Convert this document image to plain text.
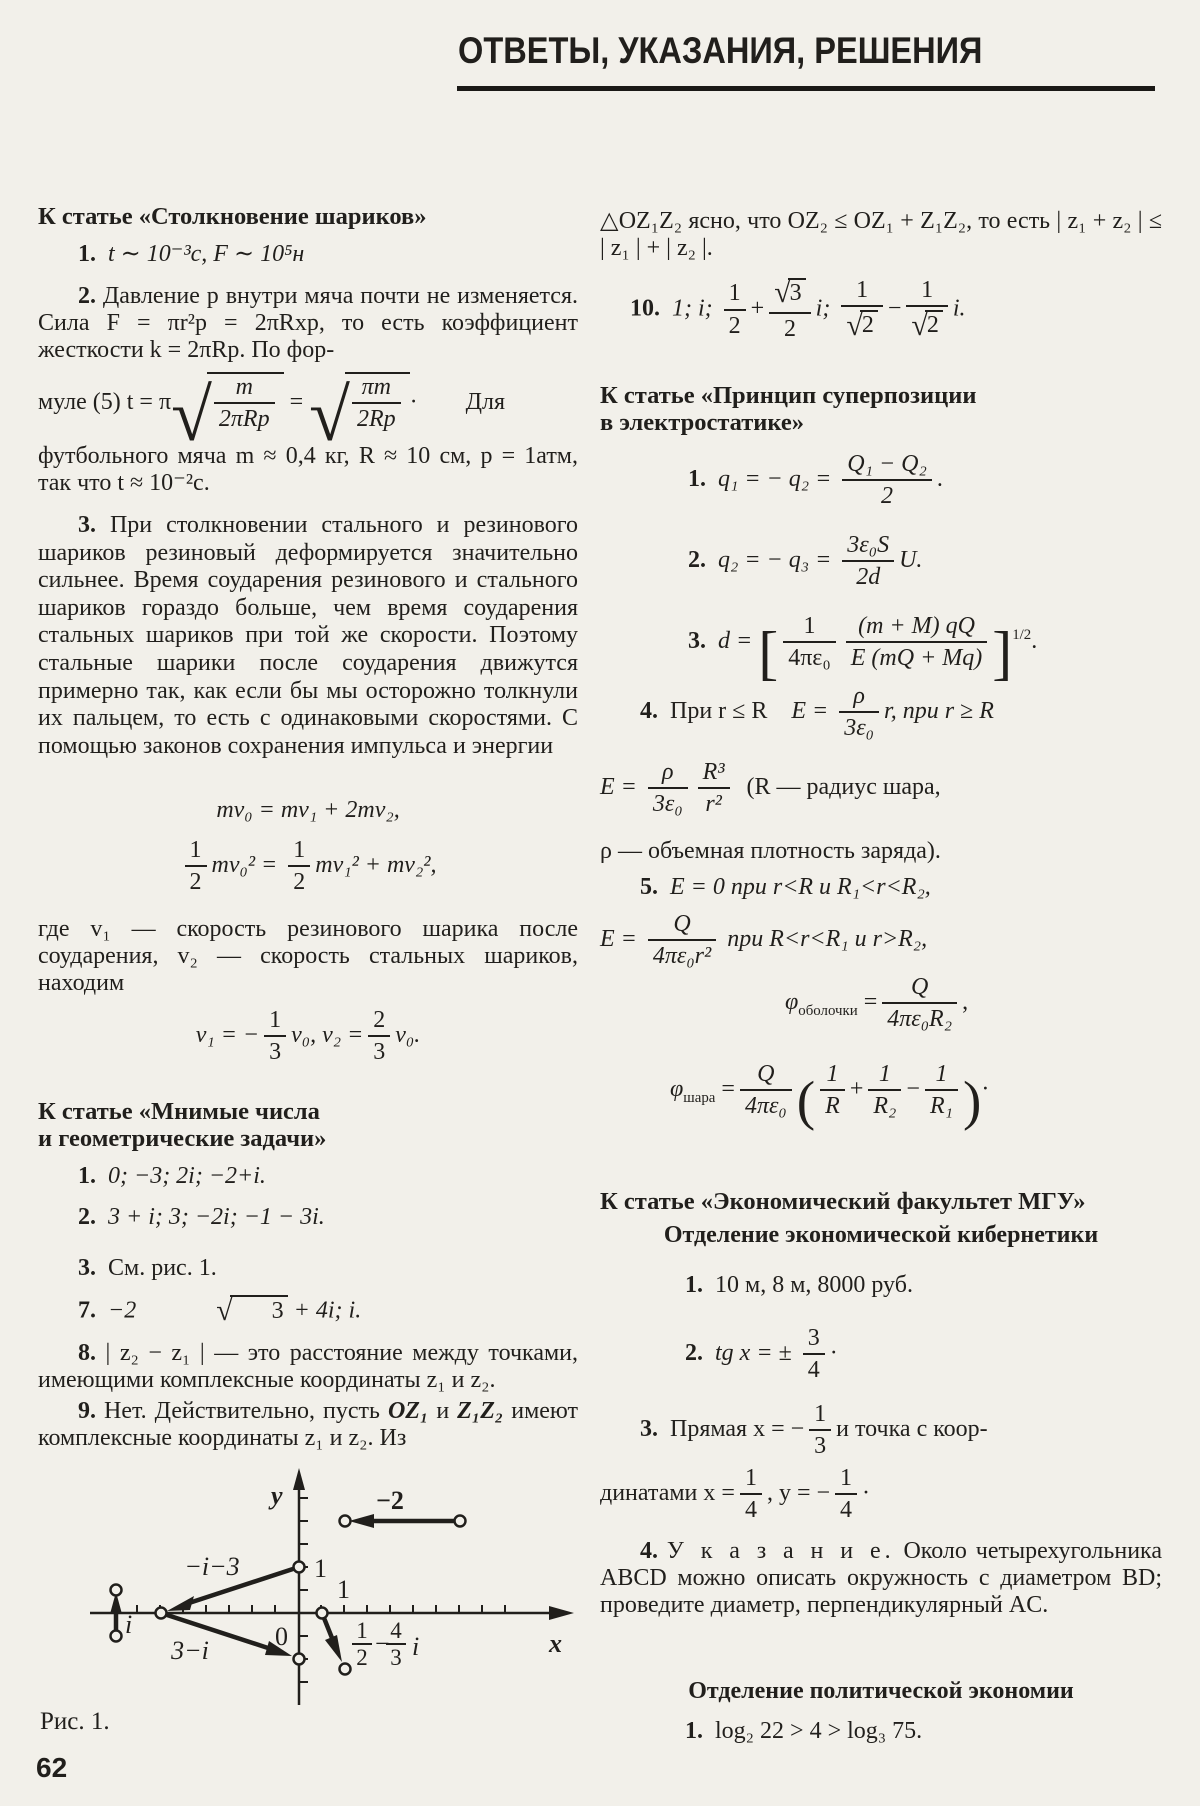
ОТВЕТЫ, УКАЗАНИЯ, РЕШЕНИЯ

К статье «Столкновение шариков»

1. t ∼ 10⁻³с, F ∼ 10⁵н

2. Давление p внутри мяча почти не изменяется. Сила F = πr²p = 2πRxp, то есть коэффициент жесткости k = 2πRp. По фор-

муле (5) $t = \pi√ \frac{m}{\text{2πRp}}$ = √ $\frac{\pi m}{2Rp}$ · Для

футбольного мяча m ≈ 0,4 кг, R ≈ 10 см, p = 1атм, так что t ≈ 10⁻²с.

3. При столкновении стального и резинового шариков резиновый деформируется значительно сильнее. Время соударения резинового и стального шариков гораздо больше, чем время соударения стальных шариков при той же скорости. Поэтому стальные шарики после соударения движутся примерно так, как если бы мы осторожно толкнули их пальцем, то есть с одинаковыми скоростями. С помощью законов сохранения импульса и энергии

mv₀ = mv₁ + 2mv₂,

$\frac{1}{2} mv_0^2 = \frac{1}{2} mv_1^2 + mv_2^2$,

где v₁ — скорость резинового шарика после соударения, v₂ — скорость стальных шариков, находим

v₁ = − $\frac{1}{3} v_0$, $v_2 = \frac{2}{3} v_0$.

К статье «Мнимые числа

и геометрические задачи»

1. 0; −3; 2i; −2+i.

2. 3 + i; 3; −2i; −1 − 3i.

3. См. рис. 1.

7. −2	√ 3 + 4i; i.

8. | z₂ − z₁ | — это расстояние между точками, имеющими комплексные координаты z₁ и z₂.

9. Нет. Действительно, пусть OZ₁ и Z₁Z₂ имеют комплексные координаты z₁ и z₂. Из

y
x
0
1
1
−2
−i−3
3−i
i	1
2 − 4
3 i

Рис. 1.

△OZ₁Z₂ ясно, что OZ₂ ≤ OZ₁ + Z₁Z₂, то есть | z₁ + z₂ | ≤ | z₁ | + | z₂ |.

10. 1; i; $\frac{1}{2} + \frac{√3}{2} i$; $\frac{1}{√2} - \frac{1}{√2} i$.

К статье «Принцип суперпозиции

в электростатике»

1. q₁ = − $q_2 = \frac{\text{Q₁ − Q₂}}{2}$ .

2. q₂ = − $q_3 = \frac{\text{3ε₀S}}{2d} U$.

3. d = [ $\frac{1}{\text{4πε₀}} \frac{(m + M) qQ}{E (mQ + Mq)} ]^{1/2}$.

4. При r ≤ R $E = \frac{\rho}{\text{3ε₀}} r$, при r ≥ R

$E = \frac{\rho}{\text{3ε₀}} \frac{\text{R³}}{\text{r²}} (R$ — радиус шара,

ρ — объемная плотность заряда).

5. E = 0 при r<R и R₁<r<R₂,

$E = \frac{Q}{\text{4πε₀r²}}$ при R<r<R₁ и r>R₂,

$\varphi_{оболочки} = \frac{Q}{\text{4πε₀R₂}}$ ,

$\varphi_{шара} = \frac{Q}{\text{4πε₀}}$ ( $\frac{1}{R} + \frac{1}{\text{R₂}} - \frac{1}{\text{R₁}}$ )·

К статье «Экономический факультет МГУ»

Отделение экономической кибернетики

1. 10 м, 8 м, 8000 руб.

2. tg x = ± $\frac{3}{4}$ ·

3. Прямая x = − $\frac{1}{3}$ и точка с коор-

динатами $x = \frac{1}{4}$ , y = − $\frac{1}{4}$ ·

4. У к а з а н и е. Около четырехугольника ABCD можно описать окружность с диаметром BD; проведите диаметр, перпендикулярный AC.

Отделение политической экономии

1. log₂ 22 > 4 > log₃ 75.

62
